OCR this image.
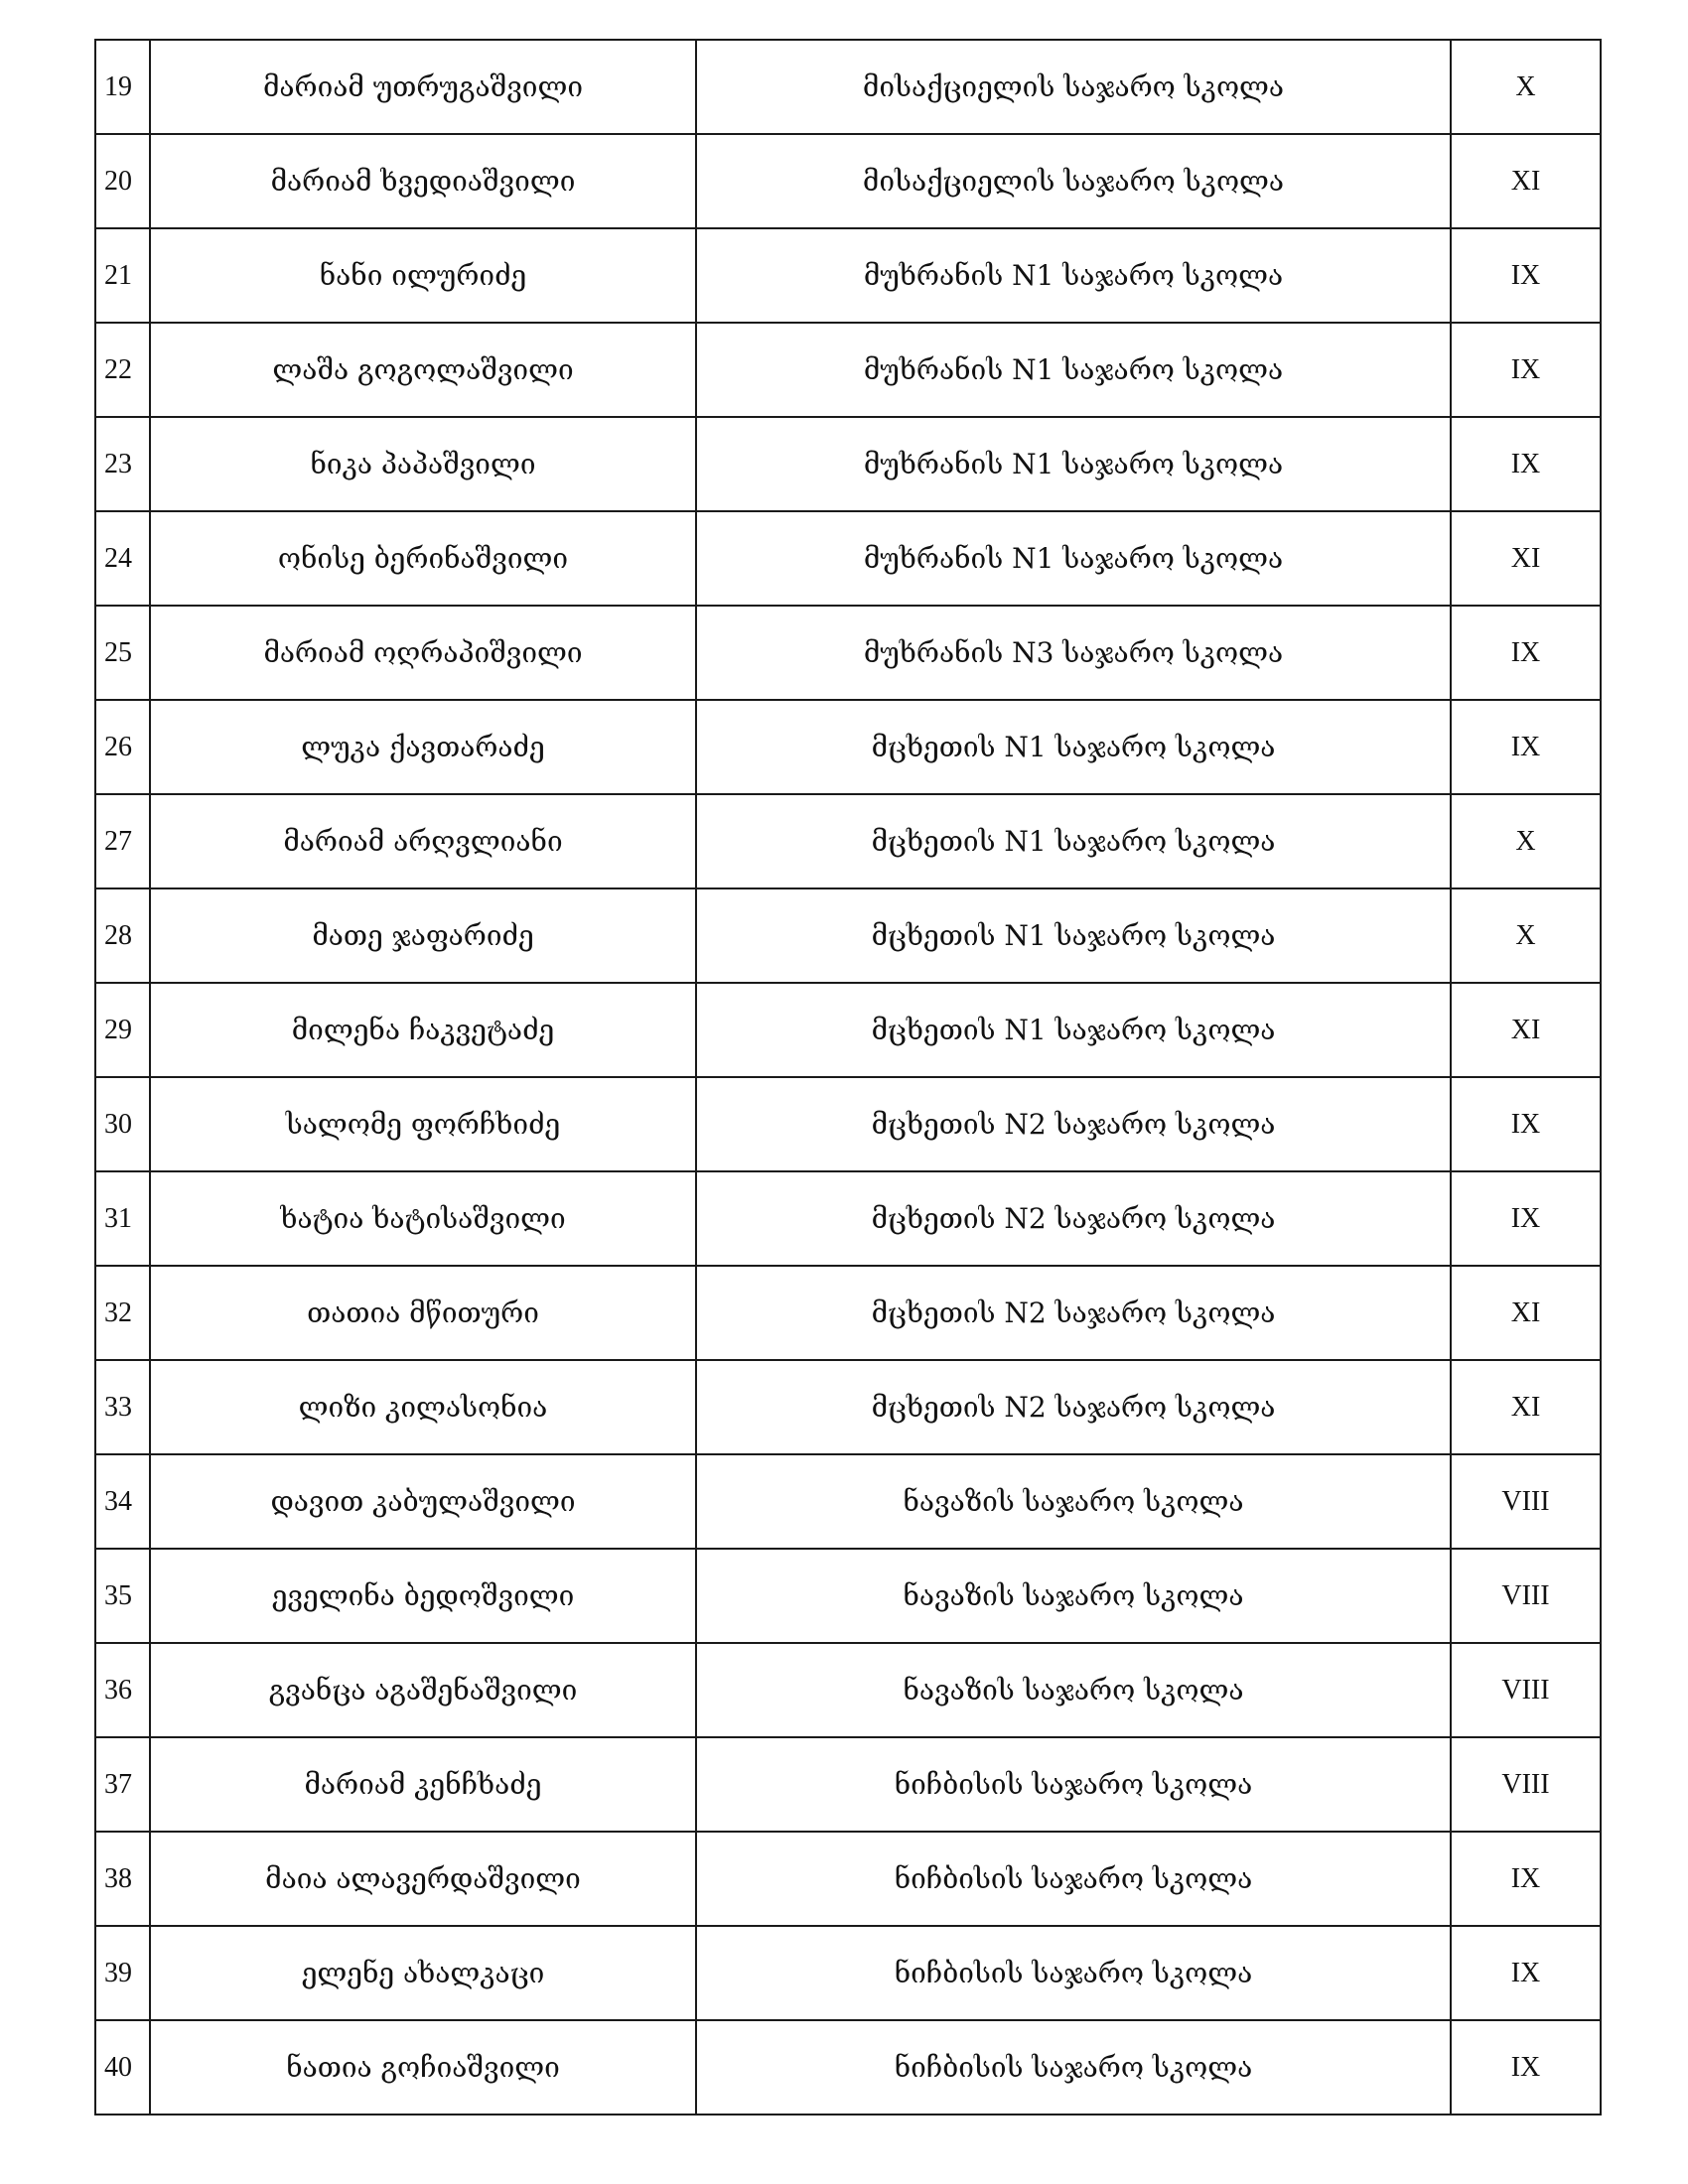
19	მარიამ უთრუგაშვილი	მისაქციელის საჯარო სკოლა	X
20	მარიამ ხვედიაშვილი	მისაქციელის საჯარო სკოლა	XI
21	ნანი ილურიძე	მუხრანის N1 საჯარო სკოლა	IX
22	ლაშა გოგოლაშვილი	მუხრანის N1 საჯარო სკოლა	IX
23	ნიკა პაპაშვილი	მუხრანის N1 საჯარო სკოლა	IX
24	ონისე ბერინაშვილი	მუხრანის N1 საჯარო სკოლა	XI
25	მარიამ ოღრაპიშვილი	მუხრანის N3 საჯარო სკოლა	IX
26	ლუკა ქავთარაძე	მცხეთის N1 საჯარო სკოლა	IX
27	მარიამ არღვლიანი	მცხეთის N1 საჯარო სკოლა	X
28	მათე ჯაფარიძე	მცხეთის N1 საჯარო სკოლა	X
29	მილენა ჩაკვეტაძე	მცხეთის N1 საჯარო სკოლა	XI
30	სალომე ფორჩხიძე	მცხეთის N2 საჯარო სკოლა	IX
31	ხატია ხატისაშვილი	მცხეთის N2 საჯარო სკოლა	IX
32	თათია მწითური	მცხეთის N2 საჯარო სკოლა	XI
33	ლიზი კილასონია	მცხეთის N2 საჯარო სკოლა	XI
34	დავით კაბულაშვილი	ნავაზის საჯარო სკოლა	VIII
35	ეველინა ბედოშვილი	ნავაზის საჯარო სკოლა	VIII
36	გვანცა აგაშენაშვილი	ნავაზის საჯარო სკოლა	VIII
37	მარიამ კენჩხაძე	ნიჩბისის საჯარო სკოლა	VIII
38	მაია ალავერდაშვილი	ნიჩბისის საჯარო სკოლა	IX
39	ელენე ახალკაცი	ნიჩბისის საჯარო სკოლა	IX
40	ნათია გოჩიაშვილი	ნიჩბისის საჯარო სკოლა	IX
